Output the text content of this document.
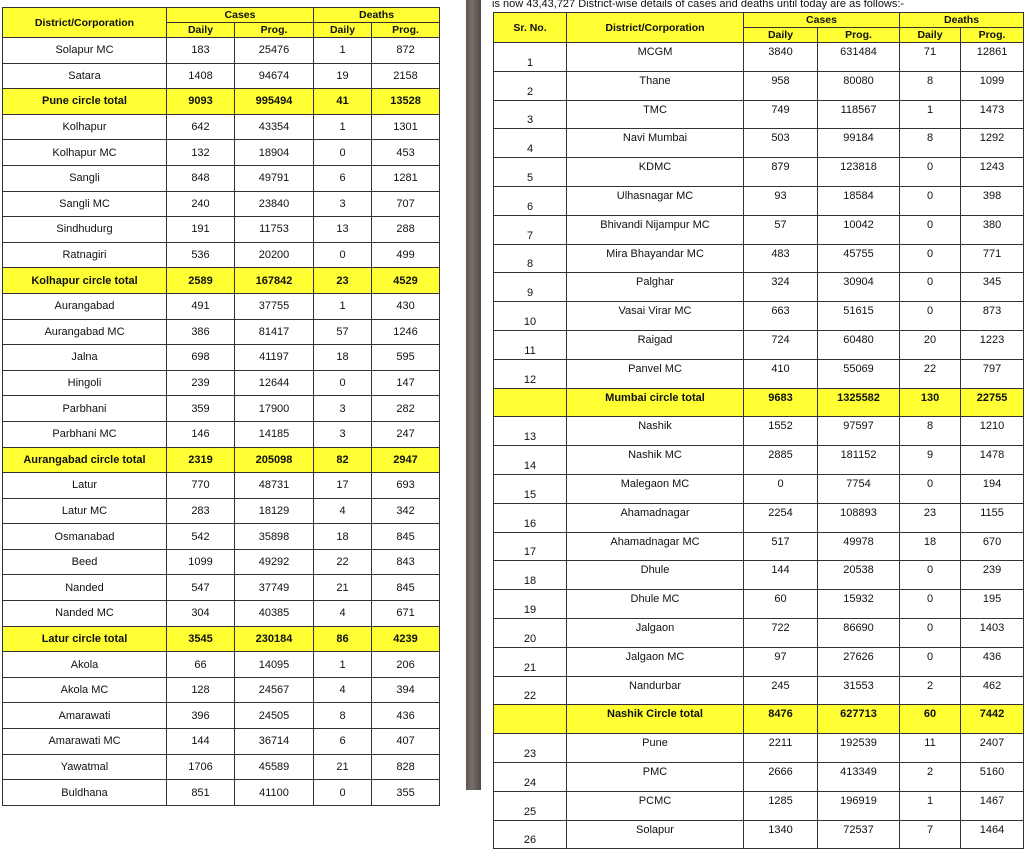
is now 43,43,727 District-wise details of cases and deaths until today are as follows:-
District/Corporation	Cases		Deaths	
	Daily	Prog.	Daily	Prog.
Solapur MC	183	25476	1	872
Satara	1408	94674	19	2158
Pune circle total	9093	995494	41	13528
Kolhapur	642	43354	1	1301
Kolhapur MC	132	18904	0	453
Sangli	848	49791	6	1281
Sangli MC	240	23840	3	707
Sindhudurg	191	11753	13	288
Ratnagiri	536	20200	0	499
Kolhapur circle total	2589	167842	23	4529
Aurangabad	491	37755	1	430
Aurangabad MC	386	81417	57	1246
Jalna	698	41197	18	595
Hingoli	239	12644	0	147
Parbhani	359	17900	3	282
Parbhani MC	146	14185	3	247
Aurangabad circle total	2319	205098	82	2947
Latur	770	48731	17	693
Latur MC	283	18129	4	342
Osmanabad	542	35898	18	845
Beed	1099	49292	22	843
Nanded	547	37749	21	845
Nanded MC	304	40385	4	671
Latur circle total	3545	230184	86	4239
Akola	66	14095	1	206
Akola MC	128	24567	4	394
Amarawati	396	24505	8	436
Amarawati MC	144	36714	6	407
Yawatmal	1706	45589	21	828
Buldhana	851	41100	0	355
Sr. No.	District/Corporation	Cases		Deaths	
		Daily	Prog.	Daily	Prog.
1	MCGM	3840	631484	71	12861
2	Thane	958	80080	8	1099
3	TMC	749	118567	1	1473
4	Navi Mumbai	503	99184	8	1292
5	KDMC	879	123818	0	1243
6	Ulhasnagar MC	93	18584	0	398
7	Bhivandi Nijampur MC	57	10042	0	380
8	Mira Bhayandar MC	483	45755	0	771
9	Palghar	324	30904	0	345
10	Vasai Virar MC	663	51615	0	873
11	Raigad	724	60480	20	1223
12	Panvel MC	410	55069	22	797
	Mumbai circle total	9683	1325582	130	22755
13	Nashik	1552	97597	8	1210
14	Nashik MC	2885	181152	9	1478
15	Malegaon MC	0	7754	0	194
16	Ahamadnagar	2254	108893	23	1155
17	Ahamadnagar MC	517	49978	18	670
18	Dhule	144	20538	0	239
19	Dhule MC	60	15932	0	195
20	Jalgaon	722	86690	0	1403
21	Jalgaon MC	97	27626	0	436
22	Nandurbar	245	31553	2	462
	Nashik Circle total	8476	627713	60	7442
23	Pune	2211	192539	11	2407
24	PMC	2666	413349	2	5160
25	PCMC	1285	196919	1	1467
26	Solapur	1340	72537	7	1464
